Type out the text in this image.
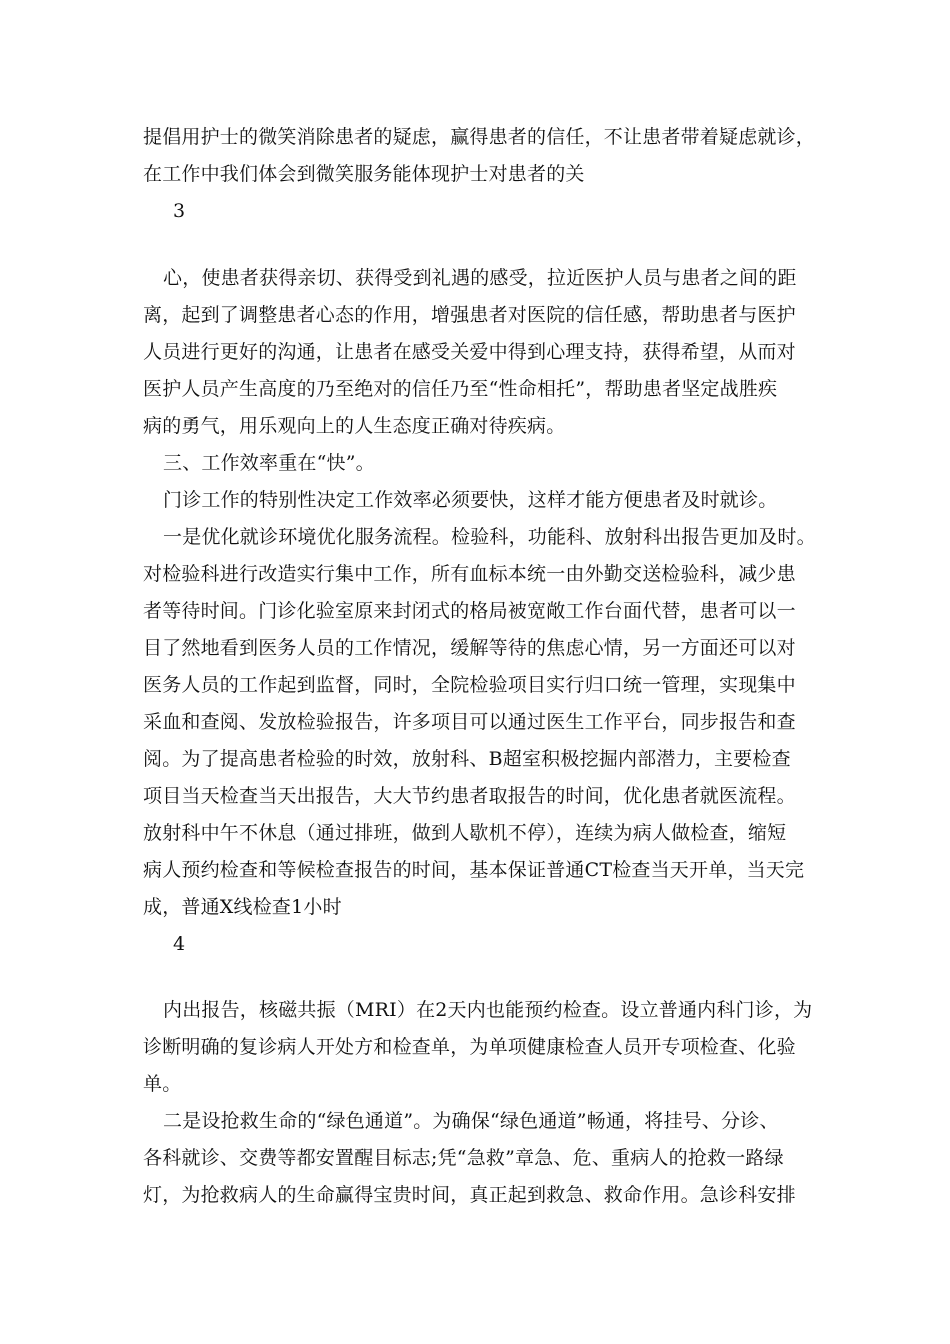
提倡用护士的微笑消除患者的疑虑，赢得患者的信任，不让患者带着疑虑就诊，
在工作中我们体会到微笑服务能体现护士对患者的关
3
心，使患者获得亲切、获得受到礼遇的感受，拉近医护人员与患者之间的距
离，起到了调整患者心态的作用，增强患者对医院的信任感，帮助患者与医护
人员进行更好的沟通，让患者在感受关爱中得到心理支持，获得希望，从而对
医护人员产生高度的乃至绝对的信任乃至“性命相托”，帮助患者坚定战胜疾
病的勇气，用乐观向上的人生态度正确对待疾病。
三、工作效率重在“快”。
门诊工作的特别性决定工作效率必须要快，这样才能方便患者及时就诊。
一是优化就诊环境优化服务流程。检验科，功能科、放射科出报告更加及时。
对检验科进行改造实行集中工作，所有血标本统一由外勤交送检验科，减少患
者等待时间。门诊化验室原来封闭式的格局被宽敞工作台面代替，患者可以一
目了然地看到医务人员的工作情况，缓解等待的焦虑心情，另一方面还可以对
医务人员的工作起到监督，同时，全院检验项目实行归口统一管理，实现集中
采血和查阅、发放检验报告，许多项目可以通过医生工作平台，同步报告和查
阅。为了提高患者检验的时效，放射科、B超室积极挖掘内部潜力，主要检查
项目当天检查当天出报告，大大节约患者取报告的时间，优化患者就医流程。
放射科中午不休息（通过排班，做到人歇机不停），连续为病人做检查，缩短
病人预约检查和等候检查报告的时间，基本保证普通CT检查当天开单，当天完
成，普通X线检查1小时
4
内出报告，核磁共振（MRI）在2天内也能预约检查。设立普通内科门诊，为
诊断明确的复诊病人开处方和检查单，为单项健康检查人员开专项检查、化验
单。
二是设抢救生命的“绿色通道”。为确保“绿色通道”畅通，将挂号、分诊、
各科就诊、交费等都安置醒目标志;凭“急救”章急、危、重病人的抢救一路绿
灯，为抢救病人的生命赢得宝贵时间，真正起到救急、救命作用。急诊科安排
